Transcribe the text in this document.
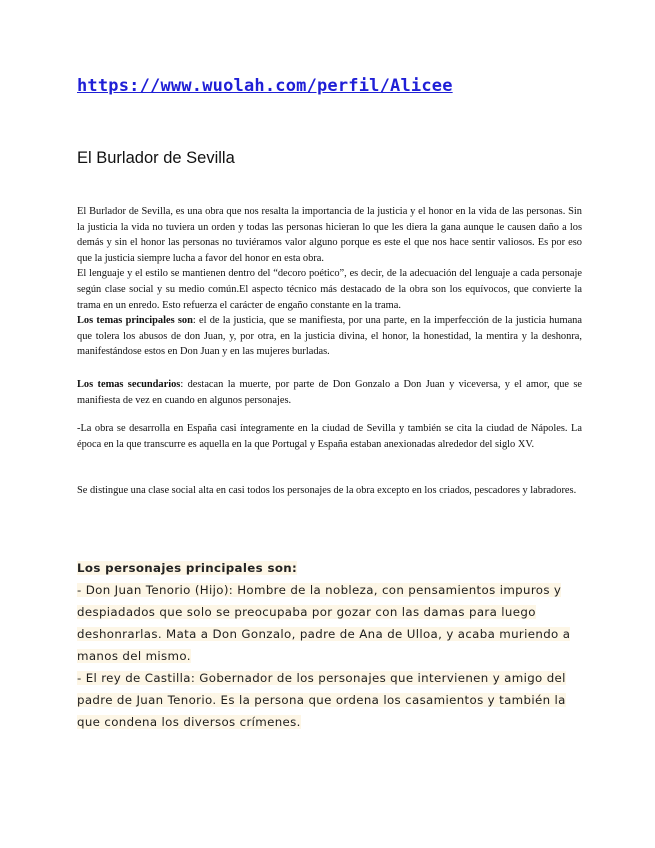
https://www.wuolah.com/perfil/Alicee
El Burlador de Sevilla

El Burlador de Sevilla, es una obra que nos resalta la importancia de la justicia y el honor en la vida de las personas. Sin la justicia la vida no tuviera un orden y todas las personas hicieran lo que les diera la gana aunque le causen daño a los demás y sin el honor las personas no tuviéramos valor alguno porque es este el que nos hace sentir valiosos. Es por eso que la justicia siempre lucha a favor del honor en esta obra.

El lenguaje y el estilo se mantienen dentro del “decoro poético”, es decir, de la adecuación del lenguaje a cada personaje según clase social y su medio común.El aspecto técnico más destacado de la obra son los equívocos, que convierte la trama en un enredo. Esto refuerza el carácter de engaño constante en la trama.

Los temas principales son: el de la justicia, que se manifiesta, por una parte, en la imperfección de la justicia humana que tolera los abusos de don Juan, y, por otra, en la justicia divina, el honor, la honestidad, la mentira y la deshonra, manifestándose estos en Don Juan y en las mujeres burladas.

Los temas secundarios: destacan la muerte, por parte de Don Gonzalo a Don Juan y viceversa, y el amor, que se manifiesta de vez en cuando en algunos personajes.

-La obra se desarrolla en España casi íntegramente en la ciudad de Sevilla y también se cita la ciudad de Nápoles. La época en la que transcurre es aquella en la que Portugal y España estaban anexionadas alrededor del siglo XV.

Se distingue una clase social alta en casi todos los personajes de la obra excepto en los criados, pescadores y labradores.

Los personajes principales son:
- Don Juan Tenorio (Hijo): Hombre de la nobleza, con pensamientos impuros y despiadados que solo se preocupaba por gozar con las damas para luego deshonrarlas. Mata a Don Gonzalo, padre de Ana de Ulloa, y acaba muriendo a manos del mismo.
- El rey de Castilla: Gobernador de los personajes que intervienen y amigo del padre de Juan Tenorio. Es la persona que ordena los casamientos y también la que condena los diversos crímenes.
